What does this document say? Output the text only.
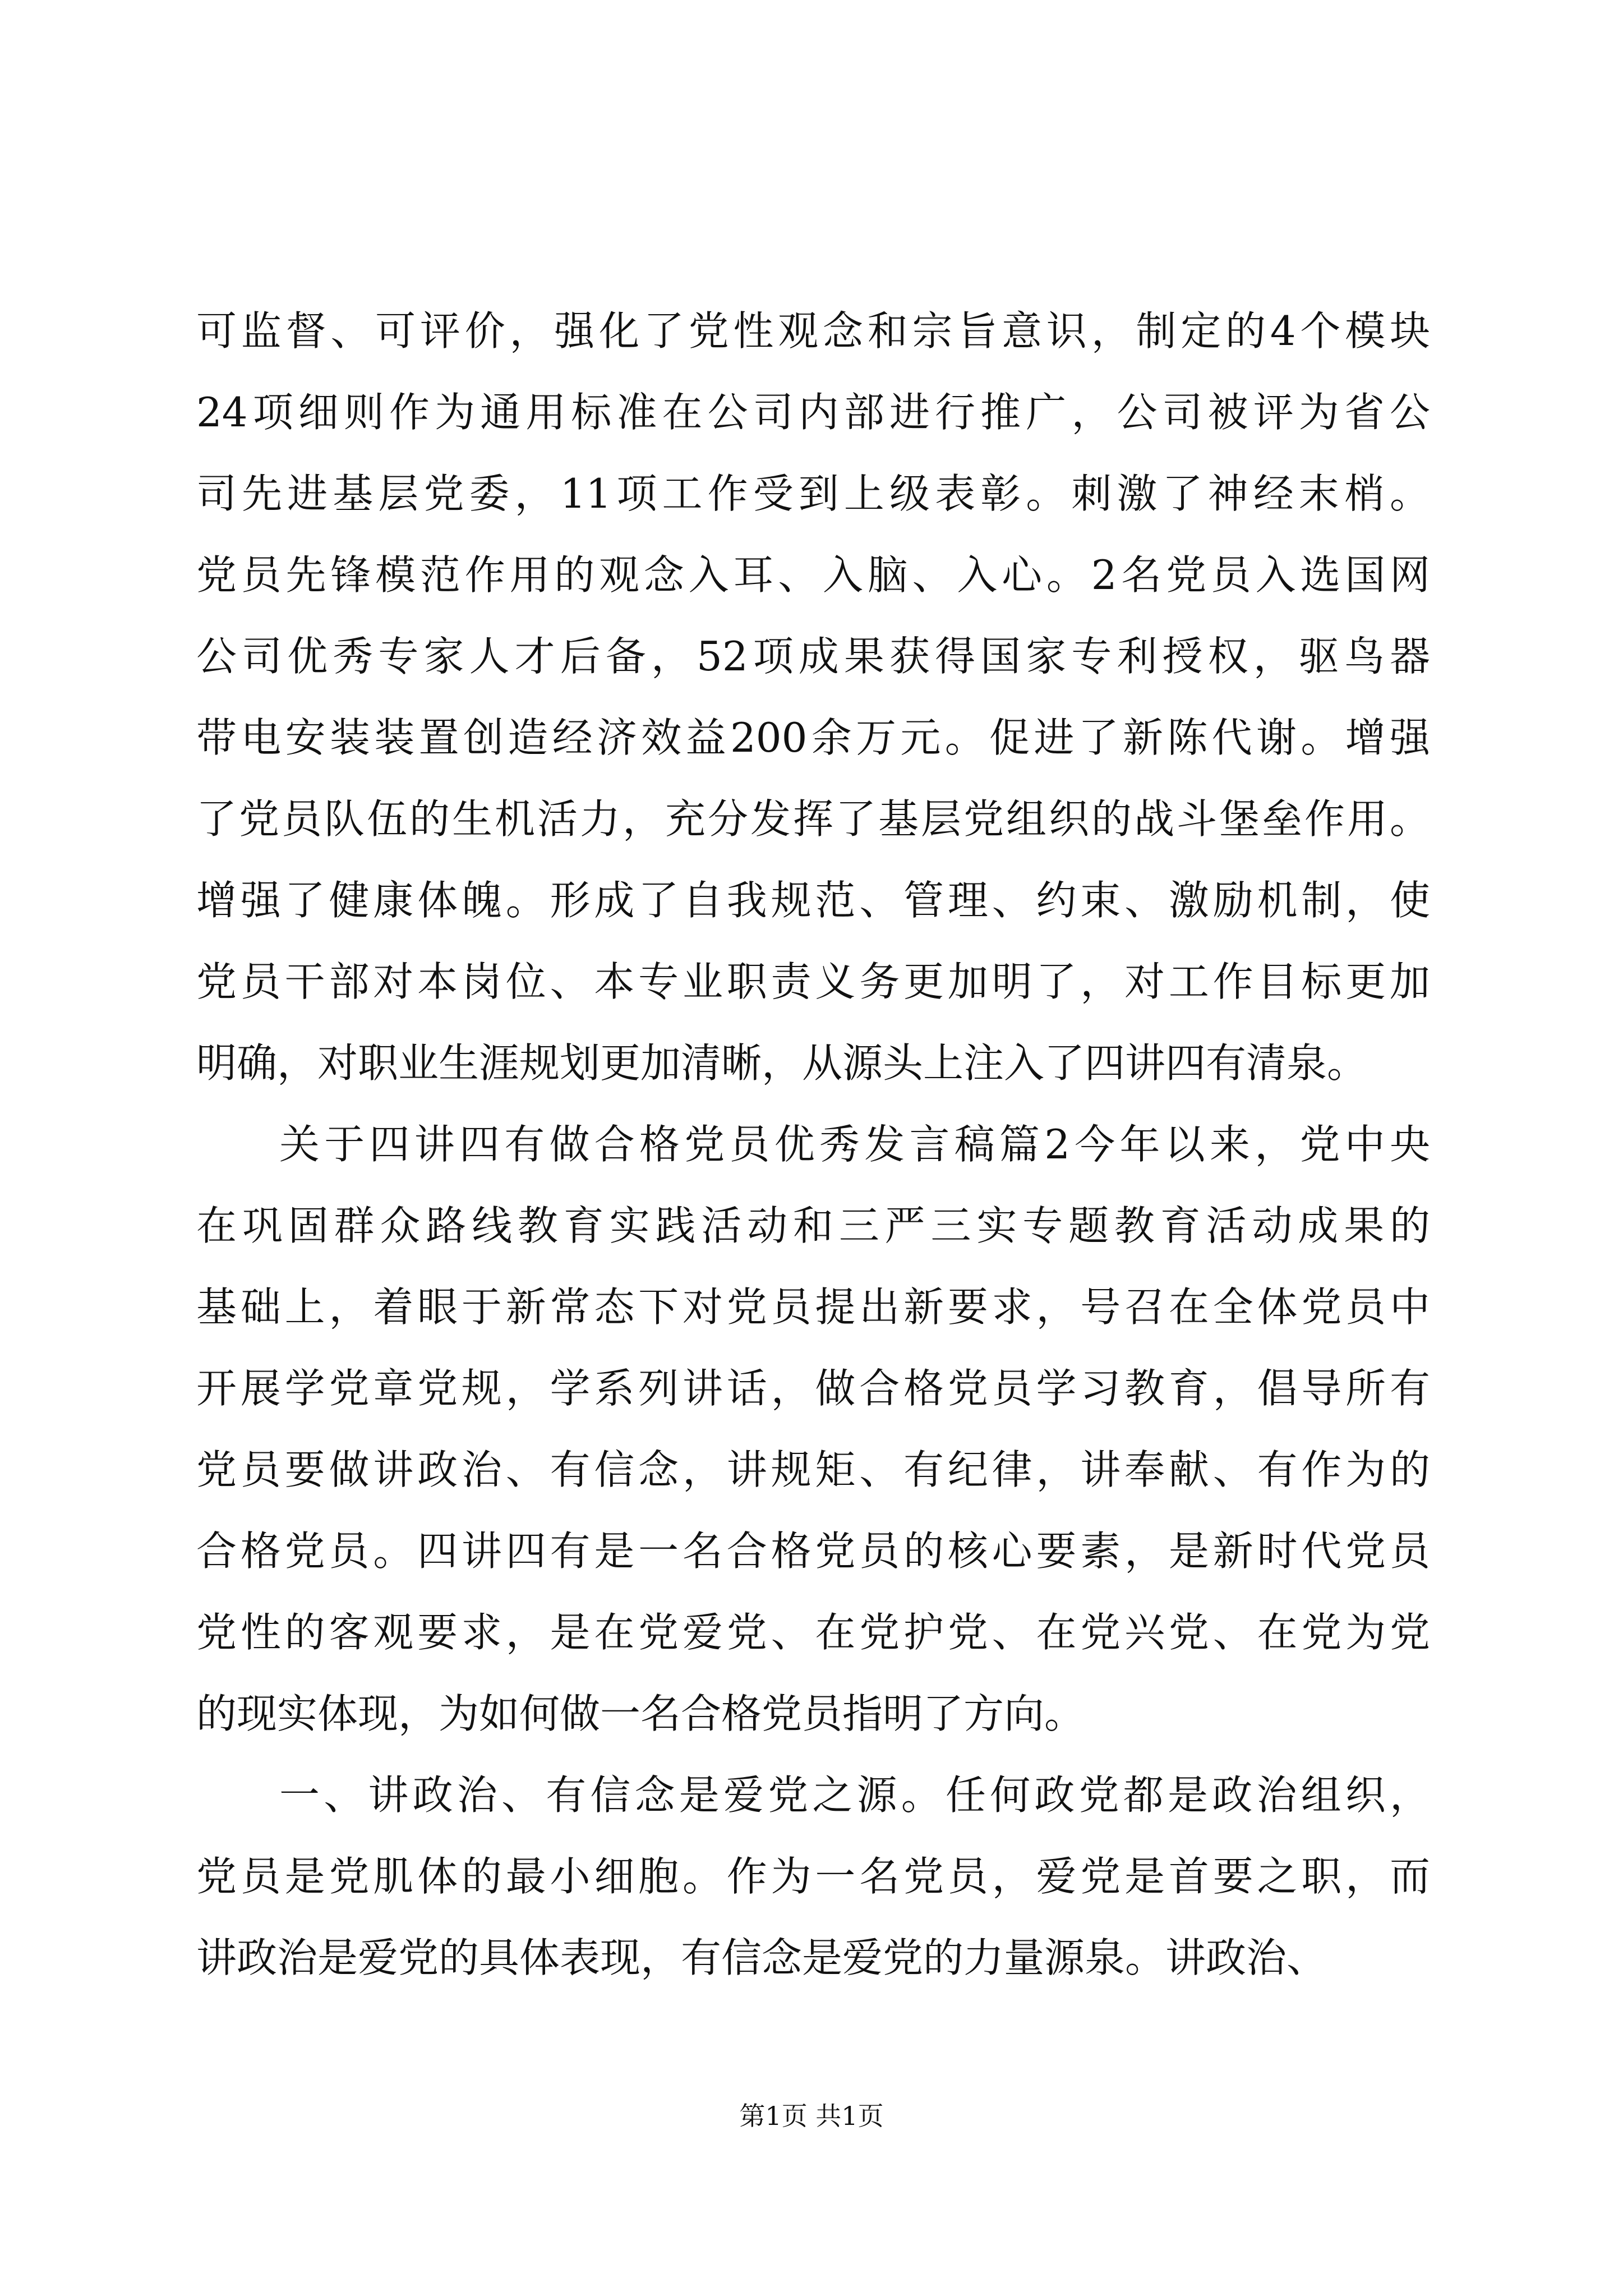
可监督、可评价，强化了党性观念和宗旨意识，制定的4个模块
24项细则作为通用标准在公司内部进行推广，公司被评为省公
司先进基层党委，11项工作受到上级表彰。刺激了神经末梢。
党员先锋模范作用的观念入耳、入脑、入心。2名党员入选国网
公司优秀专家人才后备，52项成果获得国家专利授权，驱鸟器
带电安装装置创造经济效益200余万元。促进了新陈代谢。增强
了党员队伍的生机活力，充分发挥了基层党组织的战斗堡垒作用。
增强了健康体魄。形成了自我规范、管理、约束、激励机制，使
党员干部对本岗位、本专业职责义务更加明了，对工作目标更加
明确，对职业生涯规划更加清晰，从源头上注入了四讲四有清泉。
关于四讲四有做合格党员优秀发言稿篇2今年以来，党中央
在巩固群众路线教育实践活动和三严三实专题教育活动成果的
基础上，着眼于新常态下对党员提出新要求，号召在全体党员中
开展学党章党规，学系列讲话，做合格党员学习教育，倡导所有
党员要做讲政治、有信念，讲规矩、有纪律，讲奉献、有作为的
合格党员。四讲四有是一名合格党员的核心要素，是新时代党员
党性的客观要求，是在党爱党、在党护党、在党兴党、在党为党
的现实体现，为如何做一名合格党员指明了方向。
一、讲政治、有信念是爱党之源。任何政党都是政治组织，
党员是党肌体的最小细胞。作为一名党员，爱党是首要之职，而
讲政治是爱党的具体表现，有信念是爱党的力量源泉。讲政治、
第1页 共1页
